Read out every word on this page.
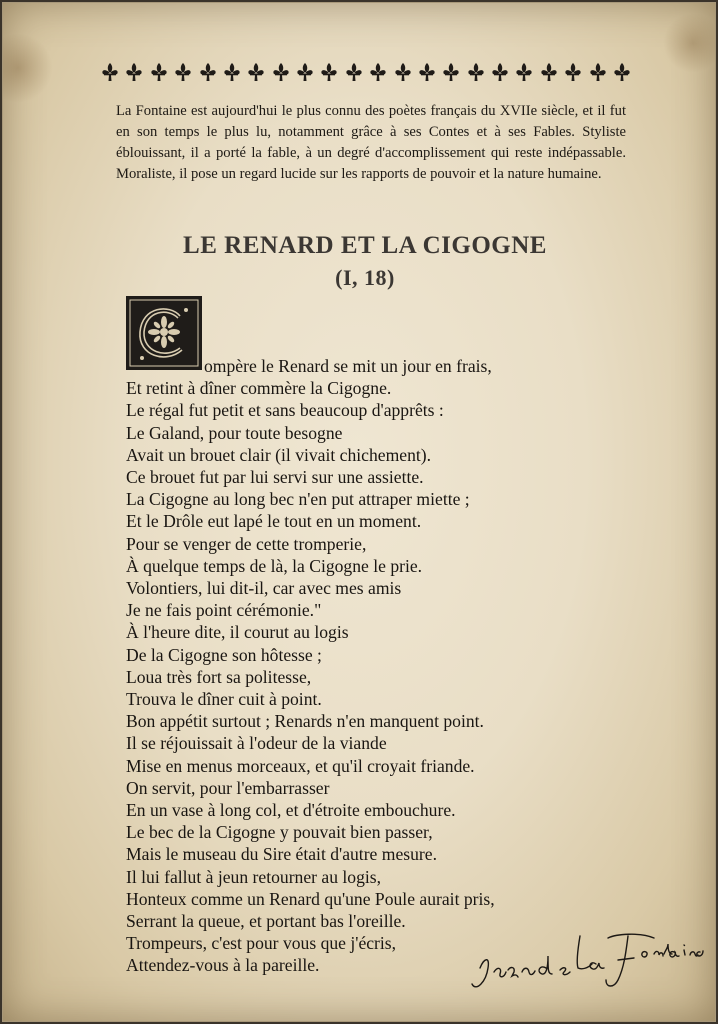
La Fontaine est aujourd'hui le plus connu des poètes français du XVIIe siècle, et il fut en son temps le plus lu, notamment grâce à ses Contes et à ses Fables. Styliste éblouissant, il a porté la fable, à un degré d'accomplissement qui reste indépassable. Moraliste, il pose un regard lucide sur les rapports de pouvoir et la nature humaine.

LE RENARD ET LA CIGOGNE
(I, 18)
ompère le Renard se mit un jour en frais,
Et retint à dîner commère la Cigogne.
Le régal fut petit et sans beaucoup d'apprêts :
Le Galand, pour toute besogne
Avait un brouet clair (il vivait chichement).
Ce brouet fut par lui servi sur une assiette.
La Cigogne au long bec n'en put attraper miette ;
Et le Drôle eut lapé le tout en un moment.
Pour se venger de cette tromperie,
À quelque temps de là, la Cigogne le prie.
Volontiers, lui dit-il, car avec mes amis
Je ne fais point cérémonie."
À l'heure dite, il courut au logis
De la Cigogne son hôtesse ;
Loua très fort sa politesse,
Trouva le dîner cuit à point.
Bon appétit surtout ; Renards n'en manquent point.
Il se réjouissait à l'odeur de la viande
Mise en menus morceaux, et qu'il croyait friande.
On servit, pour l'embarrasser
En un vase à long col, et d'étroite embouchure.
Le bec de la Cigogne y pouvait bien passer,
Mais le museau du Sire était d'autre mesure.
Il lui fallut à jeun retourner au logis,
Honteux comme un Renard qu'une Poule aurait pris,
Serrant la queue, et portant bas l'oreille.
Trompeurs, c'est pour vous que j'écris,
Attendez-vous à la pareille.
Jean de La Fontaine
